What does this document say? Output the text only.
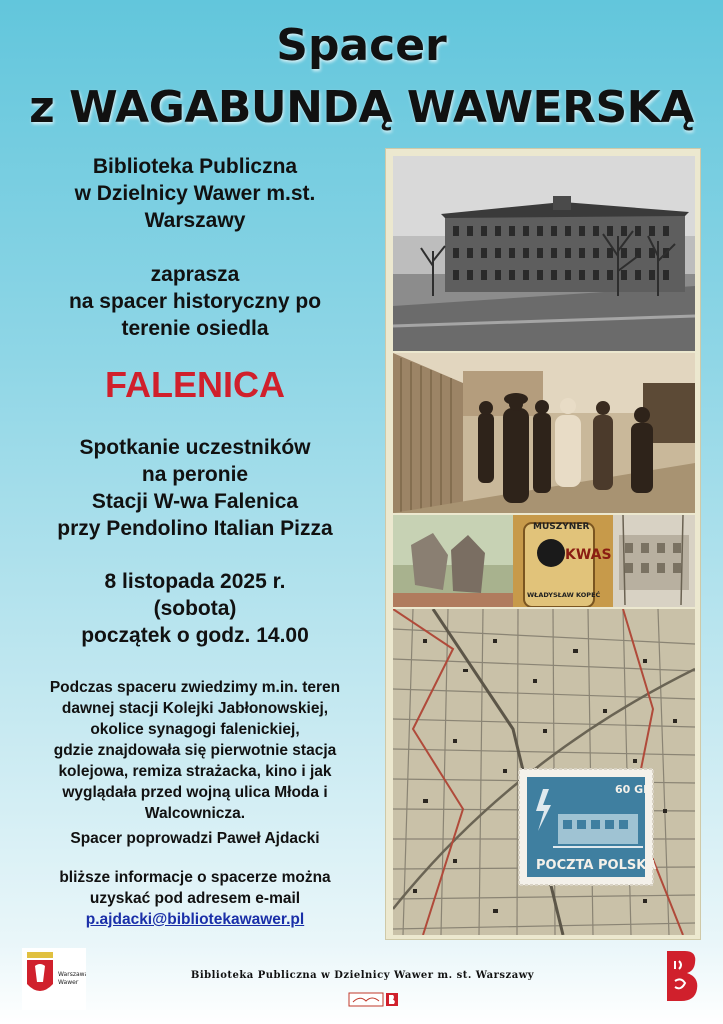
Spacer
z WAGABUNDĄ WAWERSKĄ
Biblioteka Publiczna
w Dzielnicy Wawer m.st.
Warszawy
zaprasza
na spacer historyczny po
terenie osiedla
FALENICA
Spotkanie uczestników
na peronie
Stacji W-wa Falenica
przy Pendolino Italian Pizza
8 listopada 2025 r.
(sobota)
początek o godz. 14.00
Podczas spaceru zwiedzimy m.in. teren
dawnej stacji Kolejki Jabłonowskiej,
okolice synagogi falenickiej,
gdzie znajdowała się pierwotnie stacja
kolejowa, remiza strażacka, kino i jak
wyglądała przed wojną ulica Młoda i
Walcownicza.
Spacer poprowadzi Paweł Ajdacki
bliższe informacje o spacerze można
uzyskać pod adresem e-mail
p.ajdacki@bibliotekawawer.pl
MUSZYNER
KWAS
WŁADYSŁAW KOPEĆ
60 GR
POCZTA POLSKA
Warszawa
Wawer
Biblioteka Publiczna w Dzielnicy Wawer m. st. Warszawy
